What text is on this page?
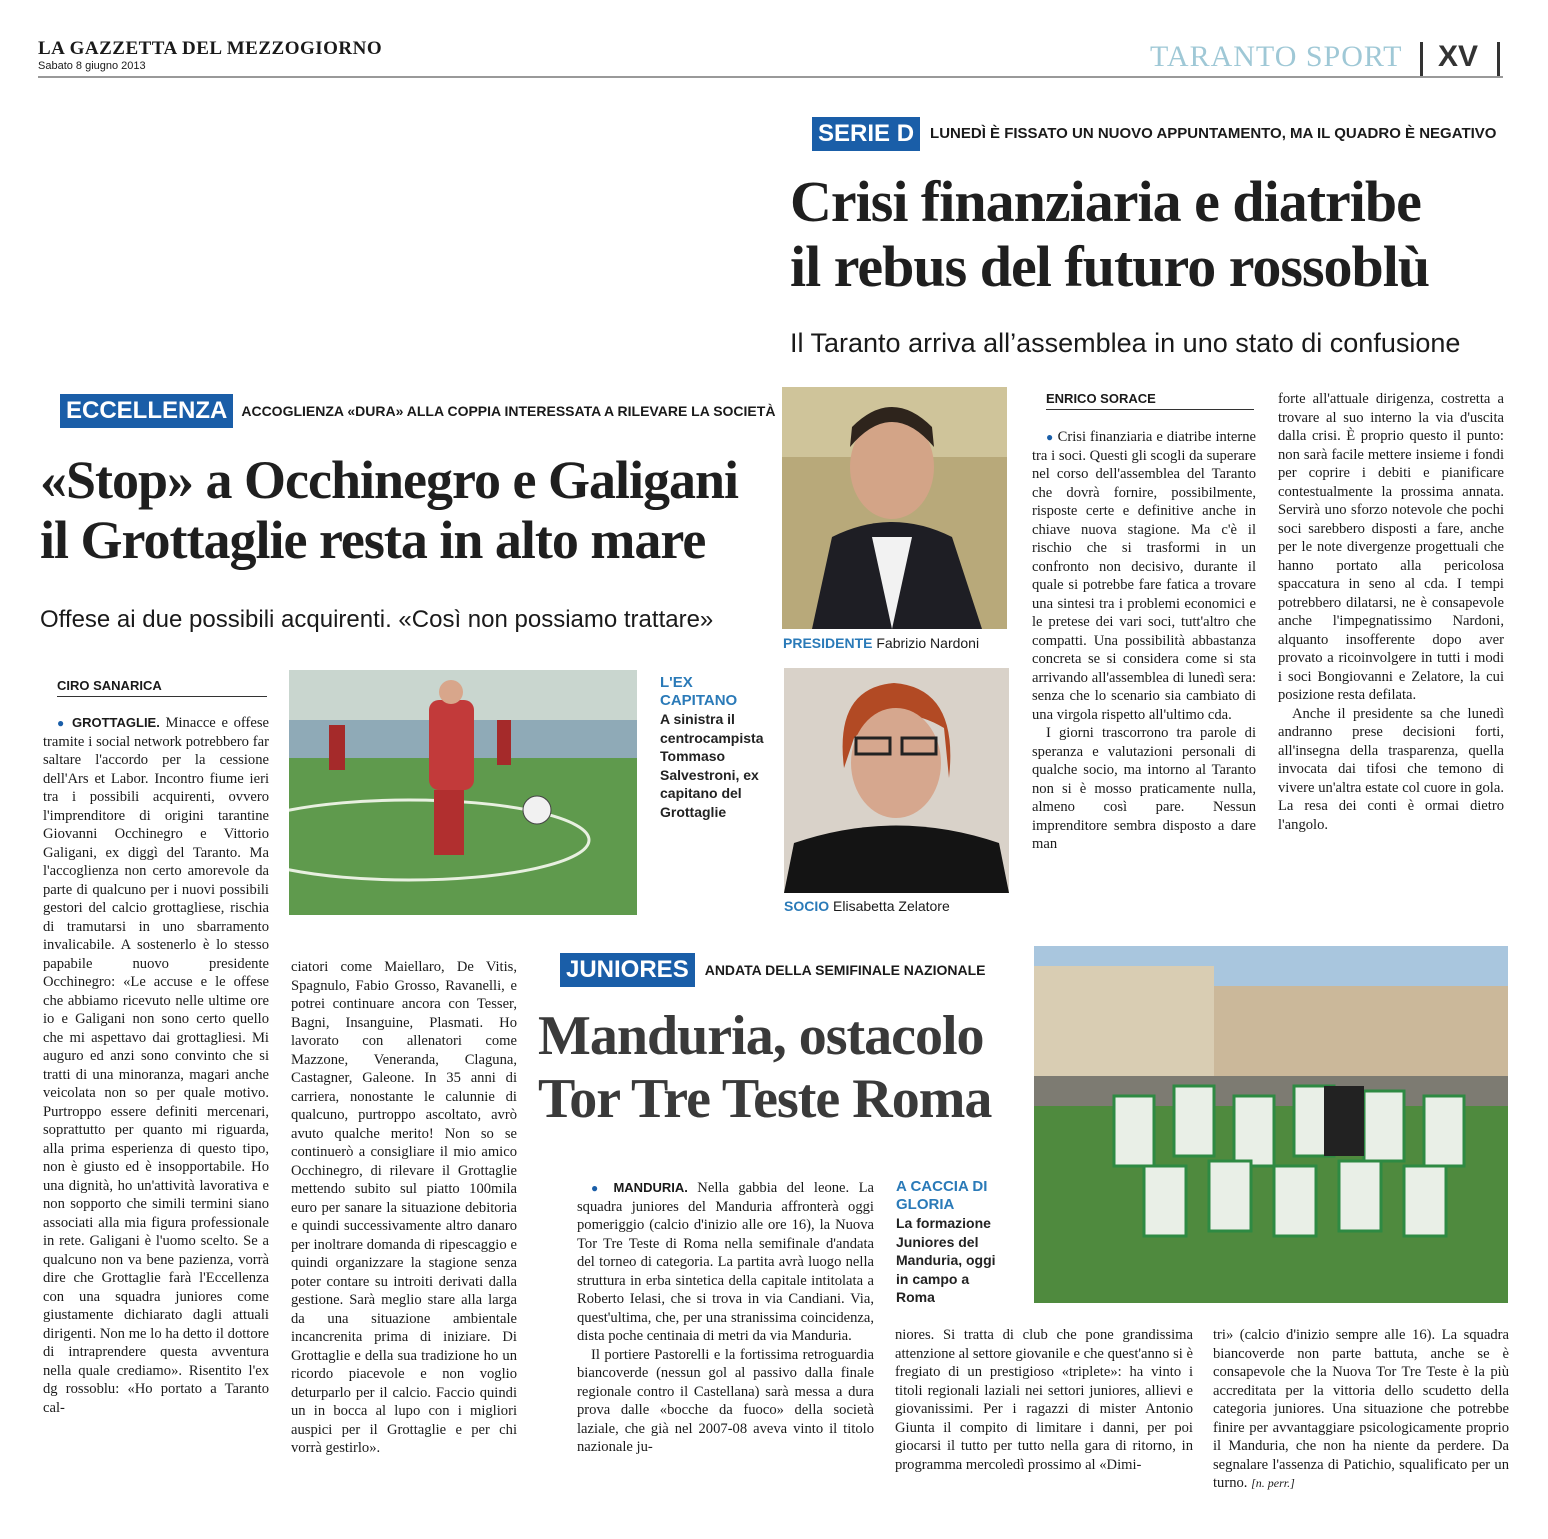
LA GAZZETTA DEL MEZZOGIORNO
Sabato 8 giugno 2013	TARANTO SPORT XV
SERIE D	LUNEDÌ È FISSATO UN NUOVO APPUNTAMENTO, MA IL QUADRO È NEGATIVO
Crisi finanziaria e diatribe
il rebus del futuro rossoblù
Il Taranto arriva all’assemblea in uno stato di confusione
ECCELLENZA	ACCOGLIENZA «DURA» ALLA COPPIA INTERESSATA A RILEVARE LA SOCIETÀ
«Stop» a Occhinegro e Galigani
il Grottaglie resta in alto mare
Offese ai due possibili acquirenti. «Così non possiamo trattare»
CIRO SANARICA

● GROTTAGLIE. Minacce e offese tramite i social network potrebbero far saltare l'accordo per la cessione dell'Ars et Labor. Incontro fiume ieri tra i possibili acquirenti, ovvero l'imprenditore di origini tarantine Giovanni Occhinegro e Vittorio Galigani, ex diggì del Taranto. Ma l'accoglienza non certo amorevole da parte di qualcuno per i nuovi possibili gestori del calcio grottagliese, rischia di tramutarsi in uno sbarramento invalicabile. A sostenerlo è lo stesso papabile nuovo presidente Occhinegro: «Le accuse e le offese che abbiamo ricevuto nelle ultime ore io e Galigani non sono certo quello che mi aspettavo dai grottagliesi. Mi auguro ed anzi sono convinto che si tratti di una minoranza, magari anche veicolata non so per quale motivo. Purtroppo essere definiti mercenari, soprattutto per quanto mi riguarda, alla prima esperienza di questo tipo, non è giusto ed è insopportabile. Ho una dignità, ho un'attività lavorativa e non sopporto che simili termini siano associati alla mia figura professionale in rete. Galigani è l'uomo scelto. Se a qualcuno non va bene pazienza, vorrà dire che Grottaglie farà l'Eccellenza con una squadra juniores come giustamente dichiarato dagli attuali dirigenti. Non me lo ha detto il dottore di intraprendere questa avventura nella quale crediamo». Risentito l'ex dg rossoblu: «Ho portato a Taranto cal-

L'EX
CAPITANO
A sinistra il centrocampista Tommaso Salvestroni, ex capitano del Grottaglie

ciatori come Maiellaro, De Vitis, Spagnulo, Fabio Grosso, Ravanelli, e potrei continuare ancora con Tesser, Bagni, Insanguine, Plasmati. Ho lavorato con allenatori come Mazzone, Veneranda, Claguna, Castagner, Galeone. In 35 anni di carriera, nonostante le calunnie di qualcuno, purtroppo ascoltato, avrò avuto qualche merito! Non so se continuerò a consigliare il mio amico Occhinegro, di rilevare il Grottaglie mettendo subito sul piatto 100mila euro per sanare la situazione debitoria e quindi successivamente altro danaro per inoltrare domanda di ripescaggio e quindi organizzare la stagione senza poter contare su introiti derivati dalla gestione. Sarà meglio stare alla larga da una situazione ambientale incancrenita prima di iniziare. Di Grottaglie e della sua tradizione ho un ricordo piacevole e non voglio deturparlo per il calcio. Faccio quindi un in bocca al lupo con i migliori auspici per il Grottaglie e per chi vorrà gestirlo».

PRESIDENTE Fabrizio Nardoni
SOCIO Elisabetta Zelatore
ENRICO SORACE

● Crisi finanziaria e diatribe interne tra i soci. Questi gli scogli da superare nel corso dell'assemblea del Taranto che dovrà fornire, possibilmente, risposte certe e definitive anche in chiave nuova stagione. Ma c'è il rischio che si trasformi in un confronto non decisivo, durante il quale si potrebbe fare fatica a trovare una sintesi tra i problemi economici e le pretese dei vari soci, tutt'altro che compatti. Una possibilità abbastanza concreta se si considera come si sta arrivando all'assemblea di lunedì sera: senza che lo scenario sia cambiato di una virgola rispetto all'ultimo cda.

I giorni trascorrono tra parole di speranza e valutazioni personali di qualche socio, ma intorno al Taranto non si è mosso praticamente nulla, almeno così pare. Nessun imprenditore sembra disposto a dare man

forte all'attuale dirigenza, costretta a trovare al suo interno la via d'uscita dalla crisi. È proprio questo il punto: non sarà facile mettere insieme i fondi per coprire i debiti e pianificare contestualmente la prossima annata. Servirà uno sforzo notevole che pochi soci sarebbero disposti a fare, anche per le note divergenze progettuali che hanno portato alla pericolosa spaccatura in seno al cda. I tempi potrebbero dilatarsi, ne è consapevole anche l'impegnatissimo Nardoni, alquanto insofferente dopo aver provato a ricoinvolgere in tutti i modi i soci Bongiovanni e Zelatore, la cui posizione resta defilata.

Anche il presidente sa che lunedì andranno prese decisioni forti, all'insegna della trasparenza, quella invocata dai tifosi che temono di vivere un'altra estate col cuore in gola. La resa dei conti è ormai dietro l'angolo.

JUNIORES	ANDATA DELLA SEMIFINALE NAZIONALE
Manduria, ostacolo
Tor Tre Teste Roma

● MANDURIA. Nella gabbia del leone. La squadra juniores del Manduria affronterà oggi pomeriggio (calcio d'inizio alle ore 16), la Nuova Tor Tre Teste di Roma nella semifinale d'andata del torneo di categoria. La partita avrà luogo nella struttura in erba sintetica della capitale intitolata a Roberto Ielasi, che si trova in via Candiani. Via, quest'ultima, che, per una stranissima coincidenza, dista poche centinaia di metri da via Manduria.

Il portiere Pastorelli e la fortissima retroguardia biancoverde (nessun gol al passivo dalla finale regionale contro il Castellana) sarà messa a dura prova dalle «bocche da fuoco» della società laziale, che già nel 2007-08 aveva vinto il titolo nazionale ju-

A CACCIA DI
GLORIA
La formazione Juniores del Manduria, oggi in campo a Roma

niores. Si tratta di club che pone grandissima attenzione al settore giovanile e che quest'anno si è fregiato di un prestigioso «triplete»: ha vinto i titoli regionali laziali nei settori juniores, allievi e giovanissimi. Per i ragazzi di mister Antonio Giunta il compito di limitare i danni, per poi giocarsi il tutto per tutto nella gara di ritorno, in programma mercoledì prossimo al «Dimi-

tri» (calcio d'inizio sempre alle 16). La squadra biancoverde non parte battuta, anche se è consapevole che la Nuova Tor Tre Teste è la più accreditata per la vittoria dello scudetto della categoria juniores. Una situazione che potrebbe finire per avvantaggiare psicologicamente proprio il Manduria, che non ha niente da perdere. Da segnalare l'assenza di Patichio, squalificato per un turno. [n. perr.]
